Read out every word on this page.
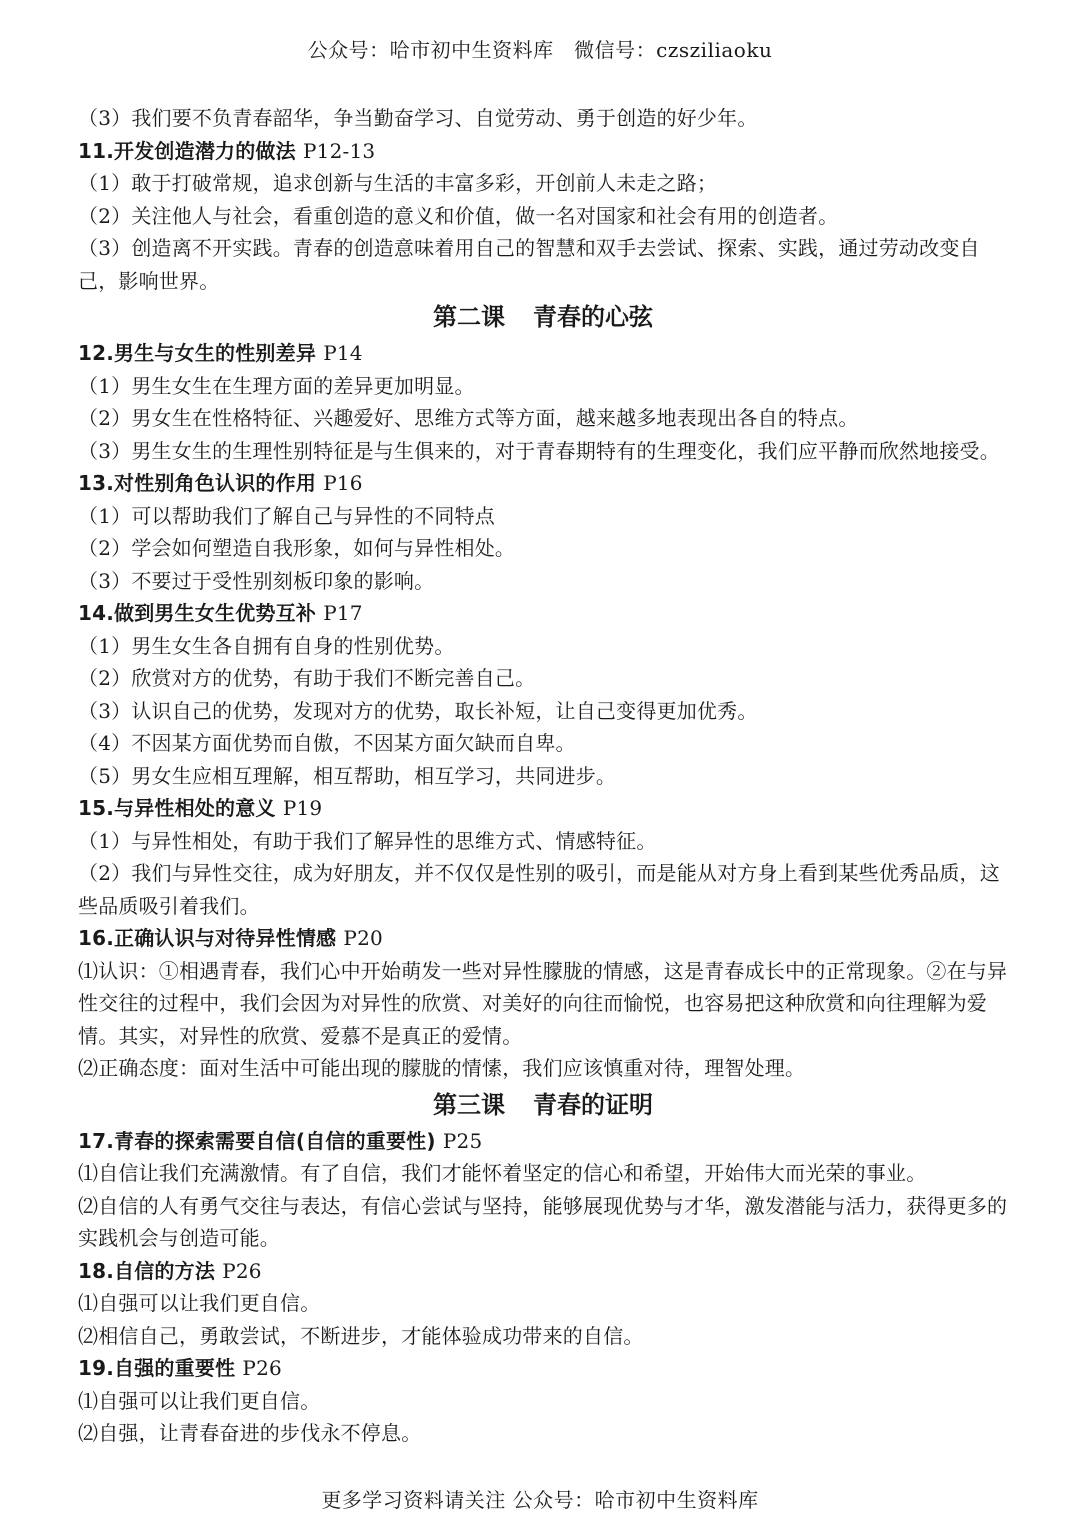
公众号：哈市初中生资料库　微信号：czsziliaoku
（3）我们要不负青春韶华，争当勤奋学习、自觉劳动、勇于创造的好少年。
11.开发创造潜力的做法 P12-13
（1）敢于打破常规，追求创新与生活的丰富多彩，开创前人未走之路；
（2）关注他人与社会，看重创造的意义和价值，做一名对国家和社会有用的创造者。
（3）创造离不开实践。青春的创造意味着用自己的智慧和双手去尝试、探索、实践，通过劳动改变自己，影响世界。
第二课 青春的心弦
12.男生与女生的性别差异 P14
（1）男生女生在生理方面的差异更加明显。
（2）男女生在性格特征、兴趣爱好、思维方式等方面，越来越多地表现出各自的特点。
（3）男生女生的生理性别特征是与生俱来的，对于青春期特有的生理变化，我们应平静而欣然地接受。
13.对性别角色认识的作用 P16
（1）可以帮助我们了解自己与异性的不同特点
（2）学会如何塑造自我形象，如何与异性相处。
（3）不要过于受性别刻板印象的影响。
14.做到男生女生优势互补 P17
（1）男生女生各自拥有自身的性别优势。
（2）欣赏对方的优势，有助于我们不断完善自己。
（3）认识自己的优势，发现对方的优势，取长补短，让自己变得更加优秀。
（4）不因某方面优势而自傲，不因某方面欠缺而自卑。
（5）男女生应相互理解，相互帮助，相互学习，共同进步。
15.与异性相处的意义 P19
（1）与异性相处，有助于我们了解异性的思维方式、情感特征。
（2）我们与异性交往，成为好朋友，并不仅仅是性别的吸引，而是能从对方身上看到某些优秀品质，这些品质吸引着我们。
16.正确认识与对待异性情感 P20
⑴认识：①相遇青春，我们心中开始萌发一些对异性朦胧的情感，这是青春成长中的正常现象。②在与异性交往的过程中，我们会因为对异性的欣赏、对美好的向往而愉悦，也容易把这种欣赏和向往理解为爱情。其实，对异性的欣赏、爱慕不是真正的爱情。
⑵正确态度：面对生活中可能出现的朦胧的情愫，我们应该慎重对待，理智处理。
第三课 青春的证明
17.青春的探索需要自信(自信的重要性) P25
⑴自信让我们充满激情。有了自信，我们才能怀着坚定的信心和希望，开始伟大而光荣的事业。
⑵自信的人有勇气交往与表达，有信心尝试与坚持，能够展现优势与才华，激发潜能与活力，获得更多的实践机会与创造可能。
18.自信的方法 P26
⑴自强可以让我们更自信。
⑵相信自己，勇敢尝试，不断进步，才能体验成功带来的自信。
19.自强的重要性 P26
⑴自强可以让我们更自信。
⑵自强，让青春奋进的步伐永不停息。
更多学习资料请关注 公众号：哈市初中生资料库
